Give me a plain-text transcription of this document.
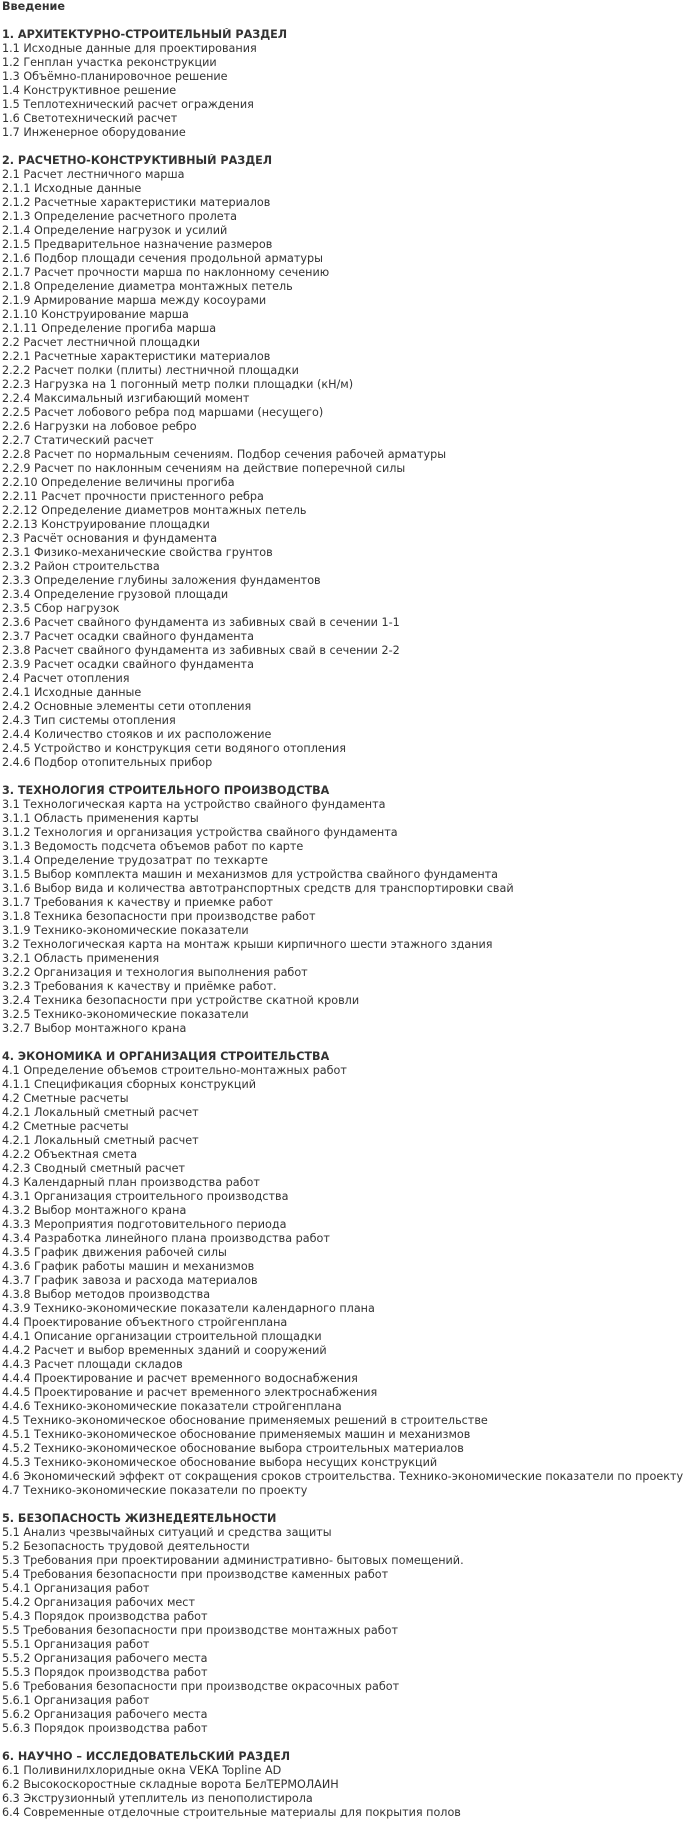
Введение
1. АРХИТЕКТУРНО-СТРОИТЕЛЬНЫЙ РАЗДЕЛ
1.1 Исходные данные для проектирования
1.2 Генплан участка реконструкции
1.3 Объёмно-планировочное решение
1.4 Конструктивное решение
1.5 Теплотехнический расчет ограждения
1.6 Светотехнический расчет
1.7 Инженерное оборудование
2. РАСЧЕТНО-КОНСТРУКТИВНЫЙ РАЗДЕЛ
2.1 Расчет лестничного марша
2.1.1 Исходные данные
2.1.2 Расчетные характеристики материалов
2.1.3 Определение расчетного пролета
2.1.4 Определение нагрузок и усилий
2.1.5 Предварительное назначение размеров
2.1.6 Подбор площади сечения продольной арматуры
2.1.7 Расчет прочности марша по наклонному сечению
2.1.8 Определение диаметра монтажных петель
2.1.9 Армирование марша между косоурами
2.1.10 Конструирование марша
2.1.11 Определение прогиба марша
2.2 Расчет лестничной площадки
2.2.1 Расчетные характеристики материалов
2.2.2 Расчет полки (плиты) лестничной площадки
2.2.3 Нагрузка на 1 погонный метр полки площадки (кН/м)
2.2.4 Максимальный изгибающий момент
2.2.5 Расчет лобового ребра под маршами (несущего)
2.2.6 Нагрузки на лобовое ребро
2.2.7 Статический расчет
2.2.8 Расчет по нормальным сечениям. Подбор сечения рабочей арматуры
2.2.9 Расчет по наклонным сечениям на действие поперечной силы
2.2.10 Определение величины прогиба
2.2.11 Расчет прочности пристенного ребра
2.2.12 Определение диаметров монтажных петель
2.2.13 Конструирование площадки
2.3 Расчёт основания и фундамента
2.3.1 Физико-механические свойства грунтов
2.3.2 Район строительства
2.3.3 Определение глубины заложения фундаментов
2.3.4 Определение грузовой площади
2.3.5 Сбор нагрузок
2.3.6 Расчет свайного фундамента из забивных свай в сечении 1-1
2.3.7 Расчет осадки свайного фундамента
2.3.8 Расчет свайного фундамента из забивных свай в сечении 2-2
2.3.9 Расчет осадки свайного фундамента
2.4 Расчет отопления
2.4.1 Исходные данные
2.4.2 Основные элементы сети отопления
2.4.3 Тип системы отопления
2.4.4 Количество стояков и их расположение
2.4.5 Устройство и конструкция сети водяного отопления
2.4.6 Подбор отопительных прибор
3. ТЕХНОЛОГИЯ СТРОИТЕЛЬНОГО ПРОИЗВОДСТВА
3.1 Технологическая карта на устройство свайного фундамента
3.1.1 Область применения карты
3.1.2 Технология и организация устройства свайного фундамента
3.1.3 Ведомость подсчета объемов работ по карте
3.1.4 Определение трудозатрат по техкарте
3.1.5 Выбор комплекта машин и механизмов для устройства свайного фундамента
3.1.6 Выбор вида и количества автотранспортных средств для транспортировки свай
3.1.7 Требования к качеству и приемке работ
3.1.8 Техника безопасности при производстве работ
3.1.9 Технико-экономические показатели
3.2 Технологическая карта на монтаж крыши кирпичного шести этажного здания
3.2.1 Область применения
3.2.2 Организация и технология выполнения работ
3.2.3 Требования к качеству и приёмке работ.
3.2.4 Техника безопасности при устройстве скатной кровли
3.2.5 Технико-экономические показатели
3.2.7 Выбор монтажного крана
4. ЭКОНОМИКА И ОРГАНИЗАЦИЯ СТРОИТЕЛЬСТВА
4.1 Определение объемов строительно-монтажных работ
4.1.1 Спецификация сборных конструкций
4.2 Сметные расчеты
4.2.1 Локальный сметный расчет
4.2 Сметные расчеты
4.2.1 Локальный сметный расчет
4.2.2 Объектная смета
4.2.3 Сводный сметный расчет
4.3 Календарный план производства работ
4.3.1 Организация строительного производства
4.3.2 Выбор монтажного крана
4.3.3 Мероприятия подготовительного периода
4.3.4 Разработка линейного плана производства работ
4.3.5 График движения рабочей силы
4.3.6 График работы машин и механизмов
4.3.7 График завоза и расхода материалов
4.3.8 Выбор методов производства
4.3.9 Технико-экономические показатели календарного плана
4.4 Проектирование объектного стройгенплана
4.4.1 Описание организации строительной площадки
4.4.2 Расчет и выбор временных зданий и сооружений
4.4.3 Расчет площади складов
4.4.4 Проектирование и расчет временного водоснабжения
4.4.5 Проектирование и расчет временного электроснабжения
4.4.6 Технико-экономические показатели стройгенплана
4.5 Технико-экономическое обоснование применяемых решений в строительстве
4.5.1 Технико-экономическое обоснование применяемых машин и механизмов
4.5.2 Технико-экономическое обоснование выбора строительных материалов
4.5.3 Технико-экономическое обоснование выбора несущих конструкций
4.6 Экономический эффект от сокращения сроков строительства. Технико-экономические показатели по проекту
4.7 Технико-экономические показатели по проекту
5. БЕЗОПАСНОСТЬ ЖИЗНЕДЕЯТЕЛЬНОСТИ
5.1 Анализ чрезвычайных ситуаций и средства защиты
5.2 Безопасность трудовой деятельности
5.3 Требования при проектировании административно- бытовых помещений.
5.4 Требования безопасности при производстве каменных работ
5.4.1 Организация работ
5.4.2 Организация рабочих мест
5.4.3 Порядок производства работ
5.5 Требования безопасности при производстве монтажных работ
5.5.1 Организация работ
5.5.2 Организация рабочего места
5.5.3 Порядок производства работ
5.6 Требования безопасности при производстве окрасочных работ
5.6.1 Организация работ
5.6.2 Организация рабочего места
5.6.3 Порядок производства работ
6. НАУЧНО – ИССЛЕДОВАТЕЛЬСКИЙ РАЗДЕЛ
6.1 Поливинилхлоридные окна VEKA Topline AD
6.2 Высокоскоростные складные ворота БелТЕРМОЛАИН
6.3 Экструзионный утеплитель из пенополистирола
6.4 Современные отделочные строительные материалы для покрытия полов
